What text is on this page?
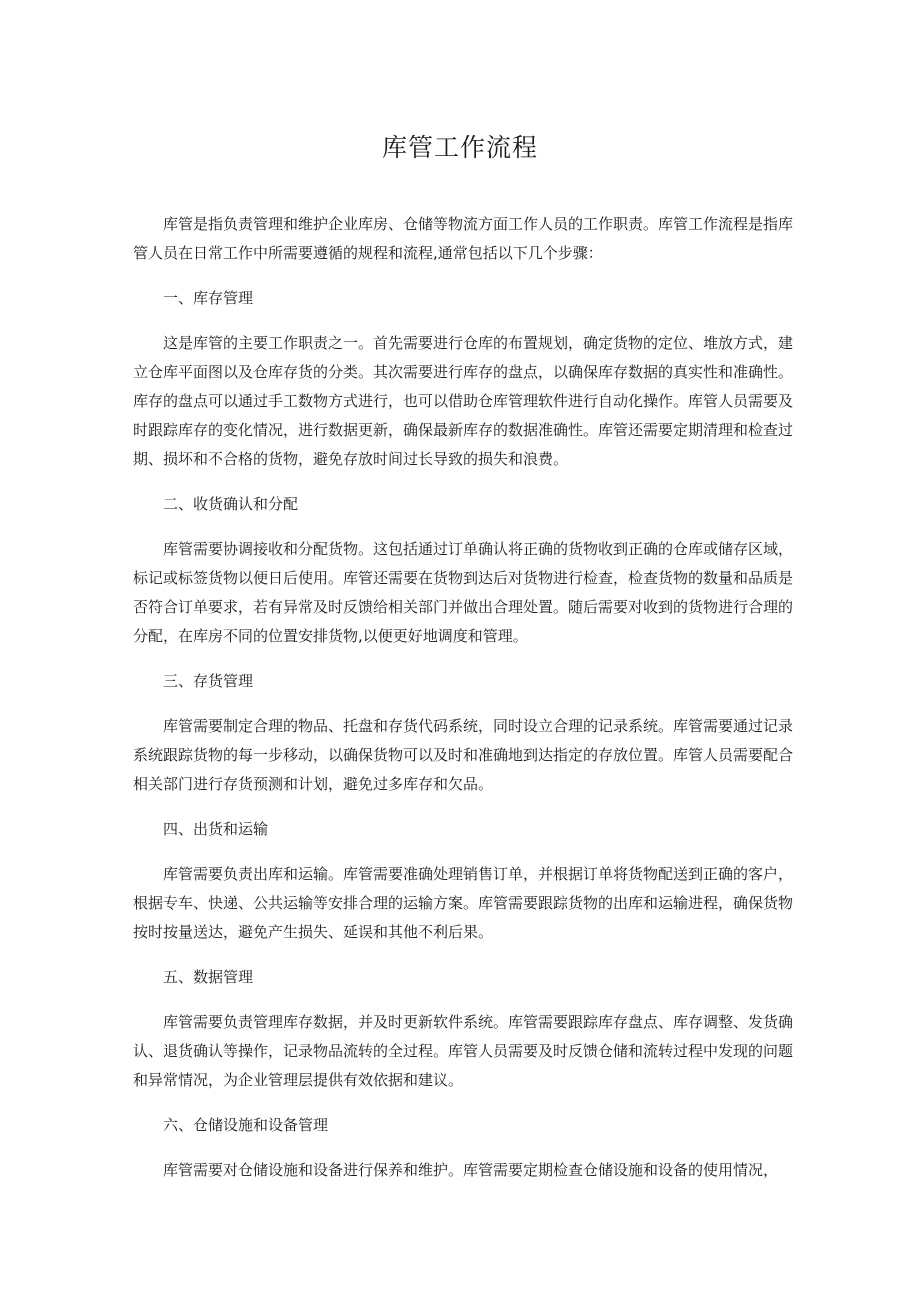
库管工作流程

库管是指负责管理和维护企业库房、仓储等物流方面工作人员的工作职责。库管工作流程是指库管人员在日常工作中所需要遵循的规程和流程,通常包括以下几个步骤：

一、库存管理

这是库管的主要工作职责之一。首先需要进行仓库的布置规划，确定货物的定位、堆放方式，建立仓库平面图以及仓库存货的分类。其次需要进行库存的盘点，以确保库存数据的真实性和准确性。库存的盘点可以通过手工数物方式进行，也可以借助仓库管理软件进行自动化操作。库管人员需要及时跟踪库存的变化情况，进行数据更新，确保最新库存的数据准确性。库管还需要定期清理和检查过期、损坏和不合格的货物，避免存放时间过长导致的损失和浪费。

二、收货确认和分配

库管需要协调接收和分配货物。这包括通过订单确认将正确的货物收到正确的仓库或储存区域，标记或标签货物以便日后使用。库管还需要在货物到达后对货物进行检查，检查货物的数量和品质是否符合订单要求，若有异常及时反馈给相关部门并做出合理处置。随后需要对收到的货物进行合理的分配，在库房不同的位置安排货物,以便更好地调度和管理。

三、存货管理

库管需要制定合理的物品、托盘和存货代码系统，同时设立合理的记录系统。库管需要通过记录系统跟踪货物的每一步移动，以确保货物可以及时和准确地到达指定的存放位置。库管人员需要配合相关部门进行存货预测和计划，避免过多库存和欠品。

四、出货和运输

库管需要负责出库和运输。库管需要准确处理销售订单，并根据订单将货物配送到正确的客户，根据专车、快递、公共运输等安排合理的运输方案。库管需要跟踪货物的出库和运输进程，确保货物按时按量送达，避免产生损失、延误和其他不利后果。

五、数据管理

库管需要负责管理库存数据，并及时更新软件系统。库管需要跟踪库存盘点、库存调整、发货确认、退货确认等操作，记录物品流转的全过程。库管人员需要及时反馈仓储和流转过程中发现的问题和异常情况，为企业管理层提供有效依据和建议。

六、仓储设施和设备管理

库管需要对仓储设施和设备进行保养和维护。库管需要定期检查仓储设施和设备的使用情况，
